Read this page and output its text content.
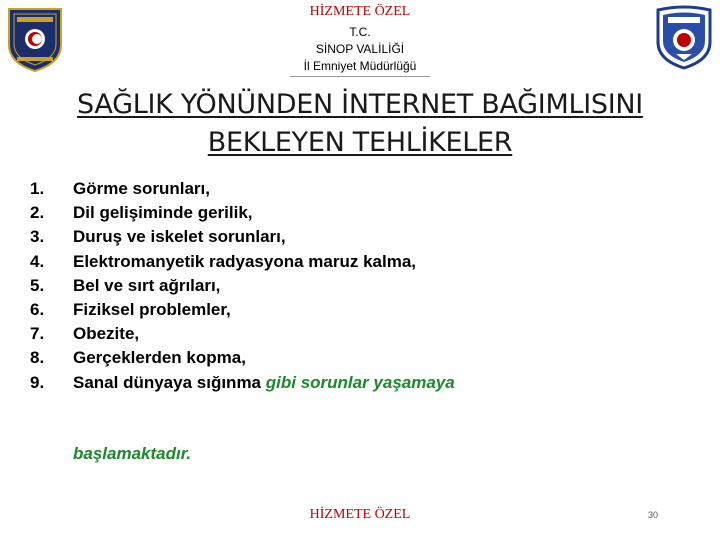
HİZMETE ÖZEL
T.C.
SİNOP VALİLİĞİ
İl Emniyet Müdürlüğü
SAĞLIK YÖNÜNDEN İNTERNET BAĞIMLISINI
BEKLEYEN TEHLİKELER
1.	Görme sorunları,
2.	Dil gelişiminde gerilik,
3.	Duruş ve iskelet sorunları,
4.	Elektromanyetik radyasyona maruz kalma,
5.	Bel ve sırt ağrıları,
6.	Fiziksel problemler,
7.	Obezite,
8.	Gerçeklerden kopma,
9.	Sanal dünyaya sığınma gibi sorunlar yaşamaya
başlamaktadır.
HİZMETE ÖZEL	30
